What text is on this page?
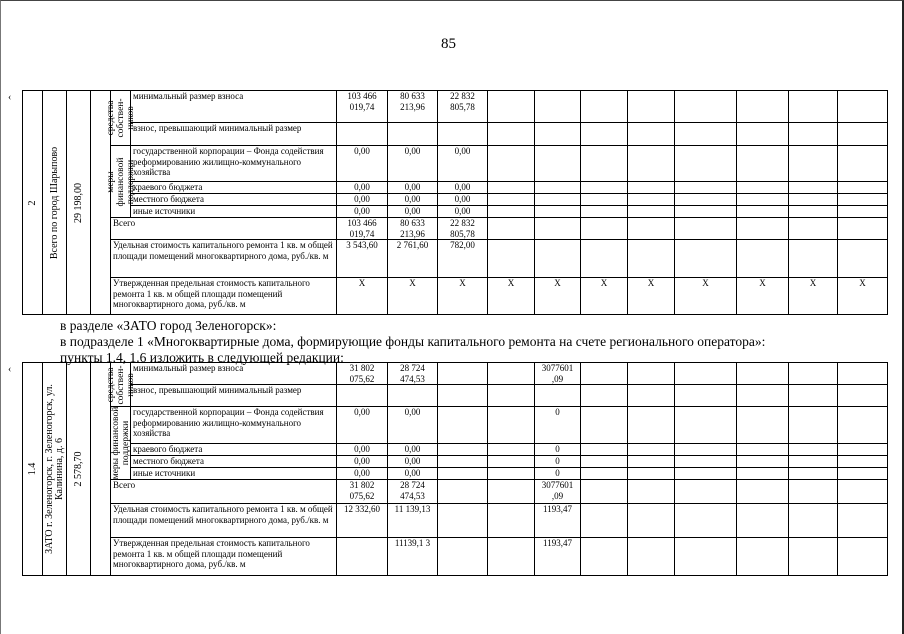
85
‹
‹
2	Всего по город Шарыпово	29 198,00		средства собствен-ников	минимальный размер взноса	103 466 019,74	80 633 213,96	22 832 805,78								
					взнос, превышающий минимальный размер											

				меры финансовой поддержки	государственной корпорации – Фонда содействия реформированию жилищно-коммунального хозяйства	0,00	0,00	0,00								
					краевого бюджета	0,00	0,00	0,00								
					местного бюджета	0,00	0,00	0,00								
					иные источники	0,00	0,00	0,00								
				Всего		103 466 019,74	80 633 213,96	22 832 805,78								
				Удельная стоимость капитального ремонта 1 кв. м общей площади помещений многоквартирного дома, руб./кв. м		3 543,60	2 761,60	782,00								
				Утвержденная предельная стоимость капитального ремонта 1 кв. м общей площади помещений многоквартирного дома, руб./кв. м		X	X	X	X	X	X	X	X	X	X	X
в разделе «ЗАТО город Зеленогорск»:
в подразделе 1 «Многоквартирные дома, формирующие фонды капитального ремонта на счете регионального оператора»:
пункты 1.4, 1.6 изложить в следующей редакции:
1.4	ЗАТО г. Зеленогорск, г. Зеленогорск, ул. Калинина, д. 6	2 578,70		средства собствен-ников	минимальный размер взноса	31 802 075,62	28 724 474,53			3077601 ,09						
					взнос, превышающий минимальный размер											

				меры финансовой поддержки	государственной корпорации – Фонда содействия реформированию жилищно-коммунального хозяйства	0,00	0,00			0						
					краевого бюджета	0,00	0,00			0						
					местного бюджета	0,00	0,00			0						
					иные источники	0,00	0,00			0						
				Всего		31 802 075,62	28 724 474,53			3077601 ,09						
				Удельная стоимость капитального ремонта 1 кв. м общей площади помещений многоквартирного дома, руб./кв. м		12 332,60	11 139,13			1193,47						
				Утвержденная предельная стоимость капитального ремонта 1 кв. м общей площади помещений многоквартирного дома, руб./кв. м			11139,1 3			1193,47						
